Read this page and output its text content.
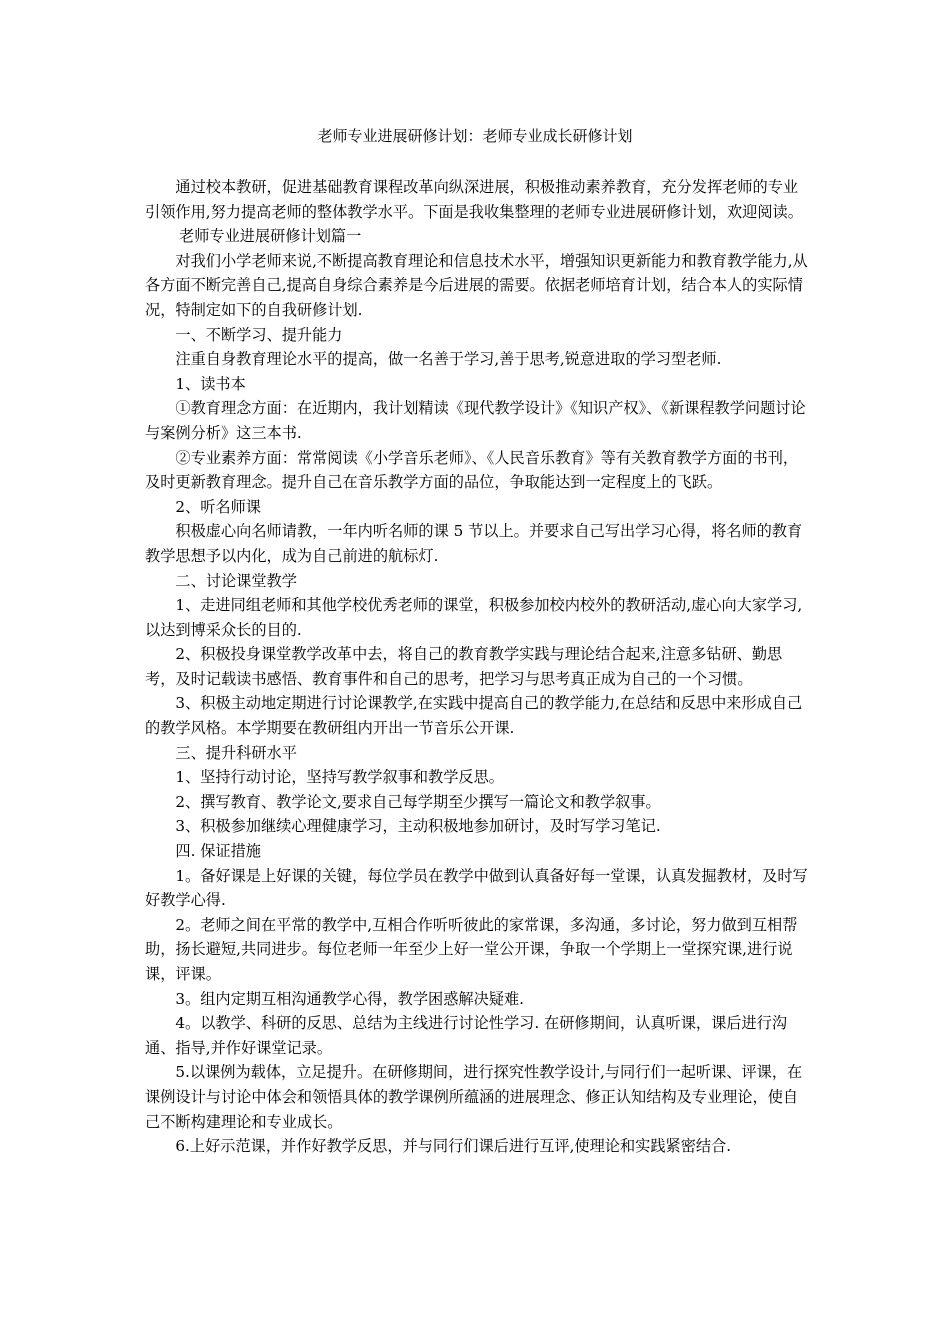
老师专业进展研修计划：老师专业成长研修计划

通过校本教研，促进基础教育课程改革向纵深进展，积极推动素养教育，充分发挥老师的专业引领作用,努力提高老师的整体教学水平。下面是我收集整理的老师专业进展研修计划，欢迎阅读。老师专业进展研修计划篇一

对我们小学老师来说,不断提高教育理论和信息技术水平，增强知识更新能力和教育教学能力,从各方面不断完善自己,提高自身综合素养是今后进展的需要。依据老师培育计划，结合本人的实际情况，特制定如下的自我研修计划.

一、不断学习、提升能力

注重自身教育理论水平的提高，做一名善于学习,善于思考,锐意进取的学习型老师.

1、读书本

①教育理念方面：在近期内，我计划精读《现代教学设计》《知识产权》、《新课程教学问题讨论与案例分析》这三本书.

②专业素养方面：常常阅读《小学音乐老师》、《人民音乐教育》等有关教育教学方面的书刊，及时更新教育理念。提升自己在音乐教学方面的品位，争取能达到一定程度上的飞跃。

2、听名师课

积极虚心向名师请教，一年内听名师的课 5 节以上。并要求自己写出学习心得，将名师的教育教学思想予以内化，成为自己前进的航标灯.

二、讨论课堂教学

1、走进同组老师和其他学校优秀老师的课堂，积极参加校内校外的教研活动,虚心向大家学习,以达到博采众长的目的.

2、积极投身课堂教学改革中去，将自己的教育教学实践与理论结合起来,注意多钻研、勤思考，及时记载读书感悟、教育事件和自己的思考，把学习与思考真正成为自己的一个习惯。

3、积极主动地定期进行讨论课教学,在实践中提高自己的教学能力,在总结和反思中来形成自己的教学风格。本学期要在教研组内开出一节音乐公开课.

三、提升科研水平

1、坚持行动讨论，坚持写教学叙事和教学反思。

2、撰写教育、教学论文,要求自己每学期至少撰写一篇论文和教学叙事。

3、积极参加继续心理健康学习，主动积极地参加研讨，及时写学习笔记.

四. 保证措施

1。备好课是上好课的关键，每位学员在教学中做到认真备好每一堂课，认真发掘教材，及时写好教学心得.

2。老师之间在平常的教学中,互相合作听听彼此的家常课，多沟通，多讨论，努力做到互相帮助，扬长避短,共同进步。每位老师一年至少上好一堂公开课，争取一个学期上一堂探究课,进行说课，评课。

3。组内定期互相沟通教学心得，教学困惑解决疑难.

4。以教学、科研的反思、总结为主线进行讨论性学习. 在研修期间，认真听课，课后进行沟通、指导,并作好课堂记录。

5.以课例为载体，立足提升。在研修期间，进行探究性教学设计,与同行们一起听课、评课，在课例设计与讨论中体会和领悟具体的教学课例所蕴涵的进展理念、修正认知结构及专业理论，使自己不断构建理论和专业成长。

6.上好示范课，并作好教学反思，并与同行们课后进行互评,使理论和实践紧密结合.
